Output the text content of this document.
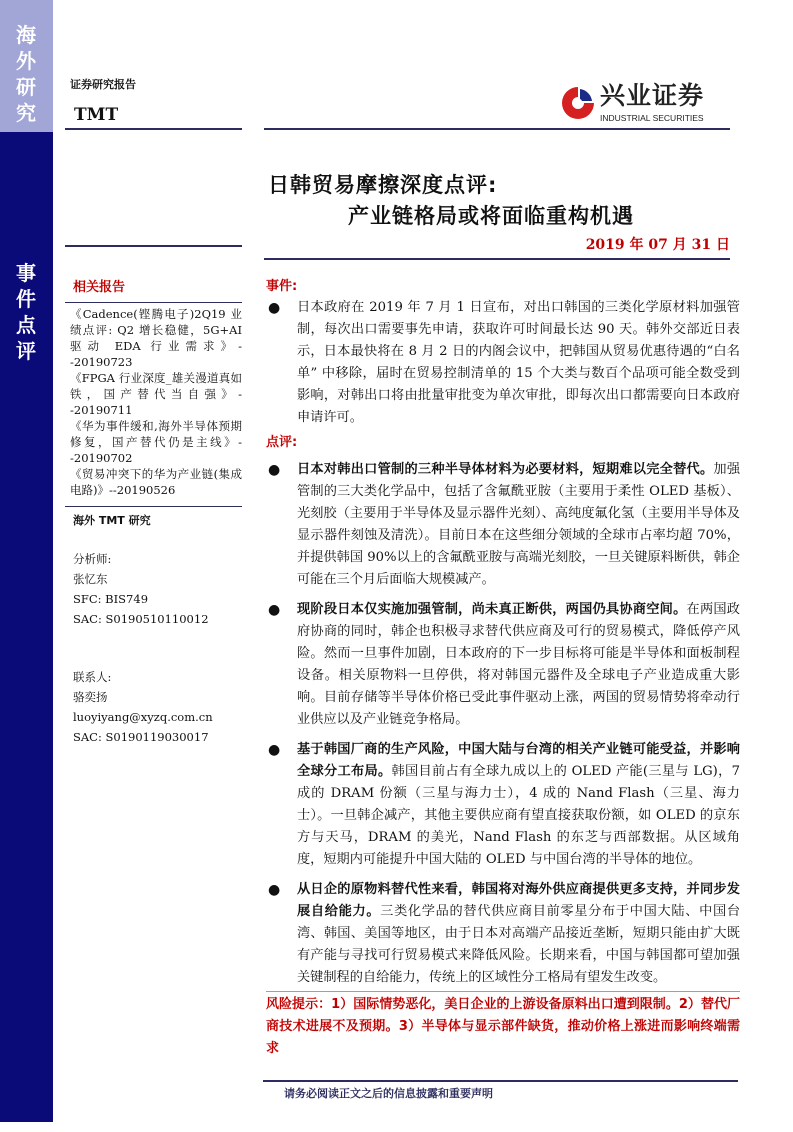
海外研究
事件点评
证券研究报告
TMT
兴业证券
INDUSTRIAL SECURITIES
日韩贸易摩擦深度点评:
产业链格局或将面临重构机遇
2019 年 07 月 31 日
相关报告

《Cadence(铿腾电子)2Q19 业绩点评: Q2 增长稳健，5G+AI 驱动 EDA 行业需求》--20190723

《FPGA 行业深度_雄关漫道真如铁，国产替代当自强》--20190711

《华为事件缓和,海外半导体预期修复，国产替代仍是主线》--20190702

《贸易冲突下的华为产业链(集成电路)》--20190526

海外 TMT 研究
分析师:
张忆东
SFC: BIS749
SAC: S0190510110012
联系人:
骆奕扬
luoyiyang@xyzq.com.cn
SAC: S0190119030017
事件:
● 日本政府在 2019 年 7 月 1 日宣布，对出口韩国的三类化学原材料加强管制，每次出口需要事先申请，获取许可时间最长达 90 天。韩外交部近日表示，日本最快将在 8 月 2 日的内阁会议中，把韩国从贸易优惠待遇的“白名单” 中移除，届时在贸易控制清单的 15 个大类与数百个品项可能全数受到影响，对韩出口将由批量审批变为单次审批，即每次出口都需要向日本政府申请许可。
点评:
● 日本对韩出口管制的三种半导体材料为必要材料，短期难以完全替代。加强管制的三大类化学品中，包括了含氟酰亚胺（主要用于柔性 OLED 基板）、光刻胶（主要用于半导体及显示器件光刻）、高纯度氟化氢（主要用半导体及显示器件刻蚀及清洗）。目前日本在这些细分领域的全球市占率均超 70%，并提供韩国 90%以上的含氟酰亚胺与高端光刻胶，一旦关键原料断供，韩企可能在三个月后面临大规模减产。
● 现阶段日本仅实施加强管制，尚未真正断供，两国仍具协商空间。在两国政府协商的同时，韩企也积极寻求替代供应商及可行的贸易模式，降低停产风险。然而一旦事件加剧，日本政府的下一步目标将可能是半导体和面板制程设备。相关原物料一旦停供，将对韩国元器件及全球电子产业造成重大影响。目前存储等半导体价格已受此事件驱动上涨，两国的贸易情势将牵动行业供应以及产业链竞争格局。
● 基于韩国厂商的生产风险，中国大陆与台湾的相关产业链可能受益，并影响全球分工布局。韩国目前占有全球九成以上的 OLED 产能(三星与 LG)，7 成的 DRAM 份额（三星与海力士），4 成的 Nand Flash（三星、海力士）。一旦韩企减产，其他主要供应商有望直接获取份额，如 OLED 的京东方与天马，DRAM 的美光，Nand Flash 的东芝与西部数据。从区域角度，短期内可能提升中国大陆的 OLED 与中国台湾的半导体的地位。
● 从日企的原物料替代性来看，韩国将对海外供应商提供更多支持，并同步发展自给能力。三类化学品的替代供应商目前零星分布于中国大陆、中国台湾、韩国、美国等地区，由于日本对高端产品接近垄断，短期只能由扩大既有产能与寻找可行贸易模式来降低风险。长期来看，中国与韩国都可望加强关键制程的自给能力，传统上的区域性分工格局有望发生改变。
风险提示：1）国际情势恶化，美日企业的上游设备原料出口遭到限制。2）替代厂商技术进展不及预期。3）半导体与显示部件缺货，推动价格上涨进而影响终端需求
请务必阅读正文之后的信息披露和重要声明
